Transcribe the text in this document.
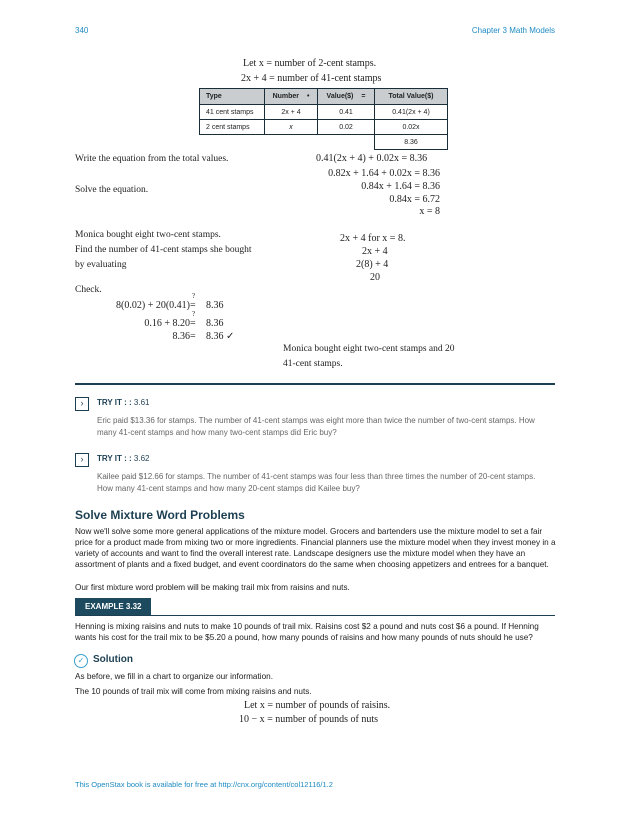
340	Chapter 3 Math Models
Let x = number of 2-cent stamps.
2x + 4 = number of 41-cent stamps
Type	Number •	Value($) =	Total Value($)
41 cent stamps	2x + 4	0.41	0.41(2x + 4)
2 cent stamps	x	0.02	0.02x
			8.36
Write the equation from the total values.	0.41(2x + 4) + 0.02x = 8.36
Solve the equation.
0.82x + 1.64 + 0.02x = 8.36
0.84x + 1.64 = 8.36
0.84x = 6.72
x = 8
Monica bought eight two-cent stamps.
Find the number of 41-cent stamps she bought
by evaluating
2x + 4 for x = 8.
2x + 4
2(8) + 4
20
Check.
8(0.02) + 20(0.41)
?
= 8.36
0.16 + 8.20
?
= 8.36
8.36 = 8.36 ✓
Monica bought eight two-cent stamps and 20
41-cent stamps.
›	TRY IT : : 3.61
Eric paid $13.36 for stamps. The number of 41-cent stamps was eight more than twice the number of two-cent stamps. How many 41-cent stamps and how many two-cent stamps did Eric buy?
›	TRY IT : : 3.62
Kailee paid $12.66 for stamps. The number of 41-cent stamps was four less than three times the number of 20-cent stamps. How many 41-cent stamps and how many 20-cent stamps did Kailee buy?
Solve Mixture Word Problems
Now we'll solve some more general applications of the mixture model. Grocers and bartenders use the mixture model to set a fair price for a product made from mixing two or more ingredients. Financial planners use the mixture model when they invest money in a variety of accounts and want to find the overall interest rate. Landscape designers use the mixture model when they have an assortment of plants and a fixed budget, and event coordinators do the same when choosing appetizers and entrees for a banquet.
Our first mixture word problem will be making trail mix from raisins and nuts.
EXAMPLE 3.32
Henning is mixing raisins and nuts to make 10 pounds of trail mix. Raisins cost $2 a pound and nuts cost $6 a pound. If Henning wants his cost for the trail mix to be $5.20 a pound, how many pounds of raisins and how many pounds of nuts should he use?
✓ Solution
As before, we fill in a chart to organize our information.
The 10 pounds of trail mix will come from mixing raisins and nuts.
Let x = number of pounds of raisins.
10 − x = number of pounds of nuts
This OpenStax book is available for free at http://cnx.org/content/col12116/1.2
